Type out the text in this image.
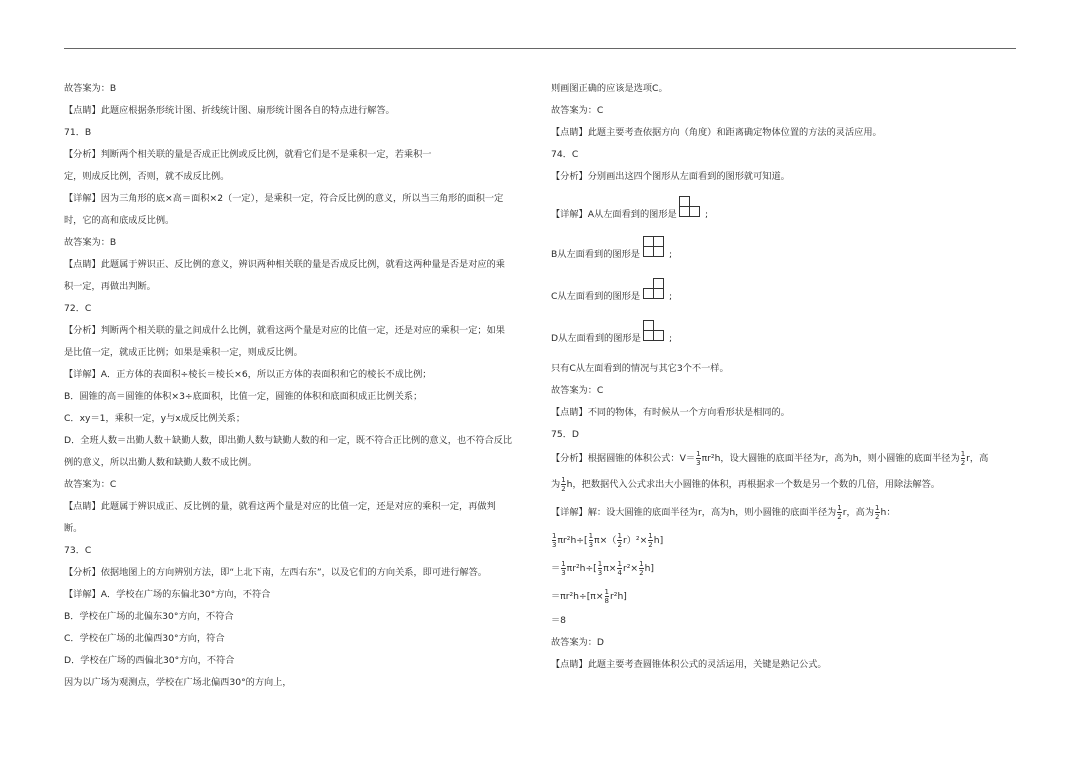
故答案为：B
【点睛】此题应根据条形统计图、折线统计图、扇形统计图各自的特点进行解答。
71．B
【分析】判断两个相关联的量是否成正比例或反比例，就看它们是不是乘积一定，若乘积一
定，则成反比例，否则，就不成反比例。
【详解】因为三角形的底×高＝面积×2（一定），是乘积一定，符合反比例的意义，所以当三角形的面积一定
时，它的高和底成反比例。
故答案为：B
【点睛】此题属于辨识正、反比例的意义，辨识两种相关联的量是否成反比例，就看这两种量是否是对应的乘
积一定，再做出判断。
72．C
【分析】判断两个相关联的量之间成什么比例，就看这两个量是对应的比值一定，还是对应的乘积一定；如果
是比值一定，就成正比例；如果是乘积一定，则成反比例。
【详解】A．正方体的表面积÷棱长＝棱长×6，所以正方体的表面积和它的棱长不成比例；
B．圆锥的高＝圆锥的体积×3÷底面积，比值一定，圆锥的体积和底面积成正比例关系；
C．xy＝1，乘积一定，y与x成反比例关系；
D．全班人数＝出勤人数＋缺勤人数，即出勤人数与缺勤人数的和一定，既不符合正比例的意义，也不符合反比
例的意义，所以出勤人数和缺勤人数不成比例。
故答案为：C
【点睛】此题属于辨识成正、反比例的量，就看这两个量是对应的比值一定，还是对应的乘积一定，再做判
断。
73．C
【分析】依据地图上的方向辨别方法，即“上北下南，左西右东”，以及它们的方向关系，即可进行解答。
【详解】A．学校在广场的东偏北30°方向，不符合
B．学校在广场的北偏东30°方向，不符合
C．学校在广场的北偏西30°方向，符合
D．学校在广场的西偏北30°方向，不符合
因为以广场为观测点，学校在广场北偏西30°的方向上，
则画图正确的应该是选项C。
故答案为：C
【点睛】此题主要考查依据方向（角度）和距离确定物体位置的方法的灵活应用。
74．C
【分析】分别画出这四个图形从左面看到的图形就可知道。
【详解】A从左面看到的图形是	;
B从左面看到的图形是	;
C从左面看到的图形是	;
D从左面看到的图形是	;
只有C从左面看到的情况与其它3个不一样。
故答案为：C
【点睛】不同的物体，有时候从一个方向看形状是相同的。
75．D
【分析】根据圆锥的体积公式：$V= \frac{1}{3} \pi r^2h$，设大圆锥的底面半径为r，高为h，则小圆锥的底面半径为 $\frac{1}{2}$ r，高
为 $\frac{1}{2}$ h，把数据代入公式求出大小圆锥的体积，再根据求一个数是另一个数的几倍，用除法解答。
【详解】解：设大圆锥的底面半径为r，高为h，则小圆锥的底面半径为 $\frac{1}{2}$ r，高为 $\frac{1}{2}$ h：
$\frac{1}{3} \pi r^2h\div[ \frac{1}{3} \pi\times( \frac{1}{2} r)^2\times \frac{1}{2} h]$
＝ $\frac{1}{3} \pi r^2h\div[ \frac{1}{3} \pi\times \frac{1}{4} r^2\times \frac{1}{2} h]$
$=\pi r^2h\div[\pi\times \frac{1}{8} r^2h]$
＝8
故答案为：D
【点睛】此题主要考查圆锥体积公式的灵活运用，关键是熟记公式。
